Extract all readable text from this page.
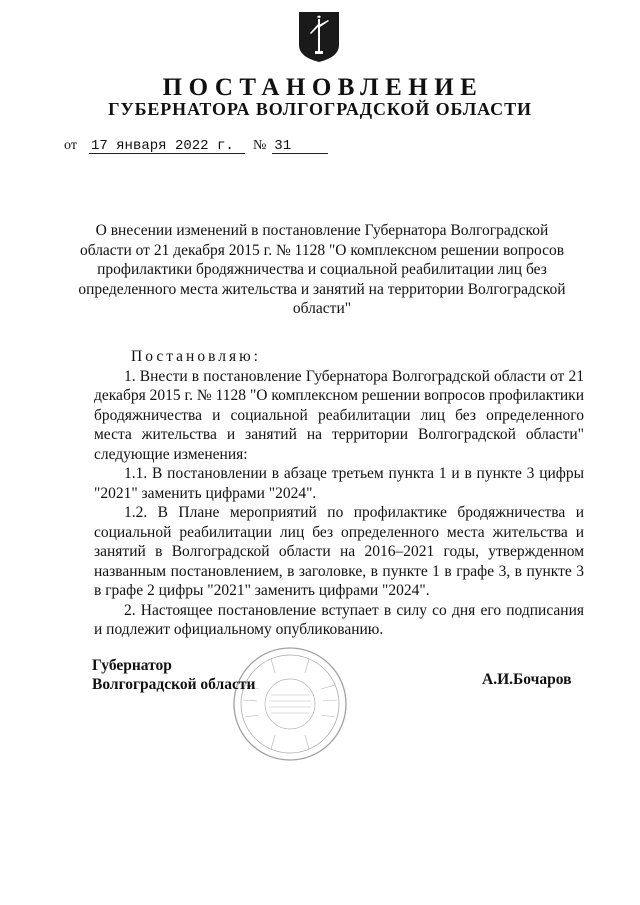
ПОСТАНОВЛЕНИЕ
ГУБЕРНАТОРА ВОЛГОГРАДСКОЙ ОБЛАСТИ
от 17 января 2022 г. № 31
О внесении изменений в постановление Губернатора Волгоградской области от 21 декабря 2015 г. № 1128 "О комплексном решении вопросов профилактики бродяжничества и социальной реабилитации лиц без определенного места жительства и занятий на территории Волгоградской области"

Постановляю:

1. Внести в постановление Губернатора Волгоградской области от 21 декабря 2015 г. № 1128 "О комплексном решении вопросов профилактики бродяжничества и социальной реабилитации лиц без определенного места жительства и занятий на территории Волгоградской области" следующие изменения:

1.1. В постановлении в абзаце третьем пункта 1 и в пункте 3 цифры "2021" заменить цифрами "2024".

1.2. В Плане мероприятий по профилактике бродяжничества и социальной реабилитации лиц без определенного места жительства и занятий в Волгоградской области на 2016–2021 годы, утвержденном названным постановлением, в заголовке, в пункте 1 в графе 3, в пункте 3 в графе 2 цифры "2021" заменить цифрами "2024".

2. Настоящее постановление вступает в силу со дня его подписания и подлежит официальному опубликованию.

Губернатор
Волгоградской области	А.И.Бочаров
